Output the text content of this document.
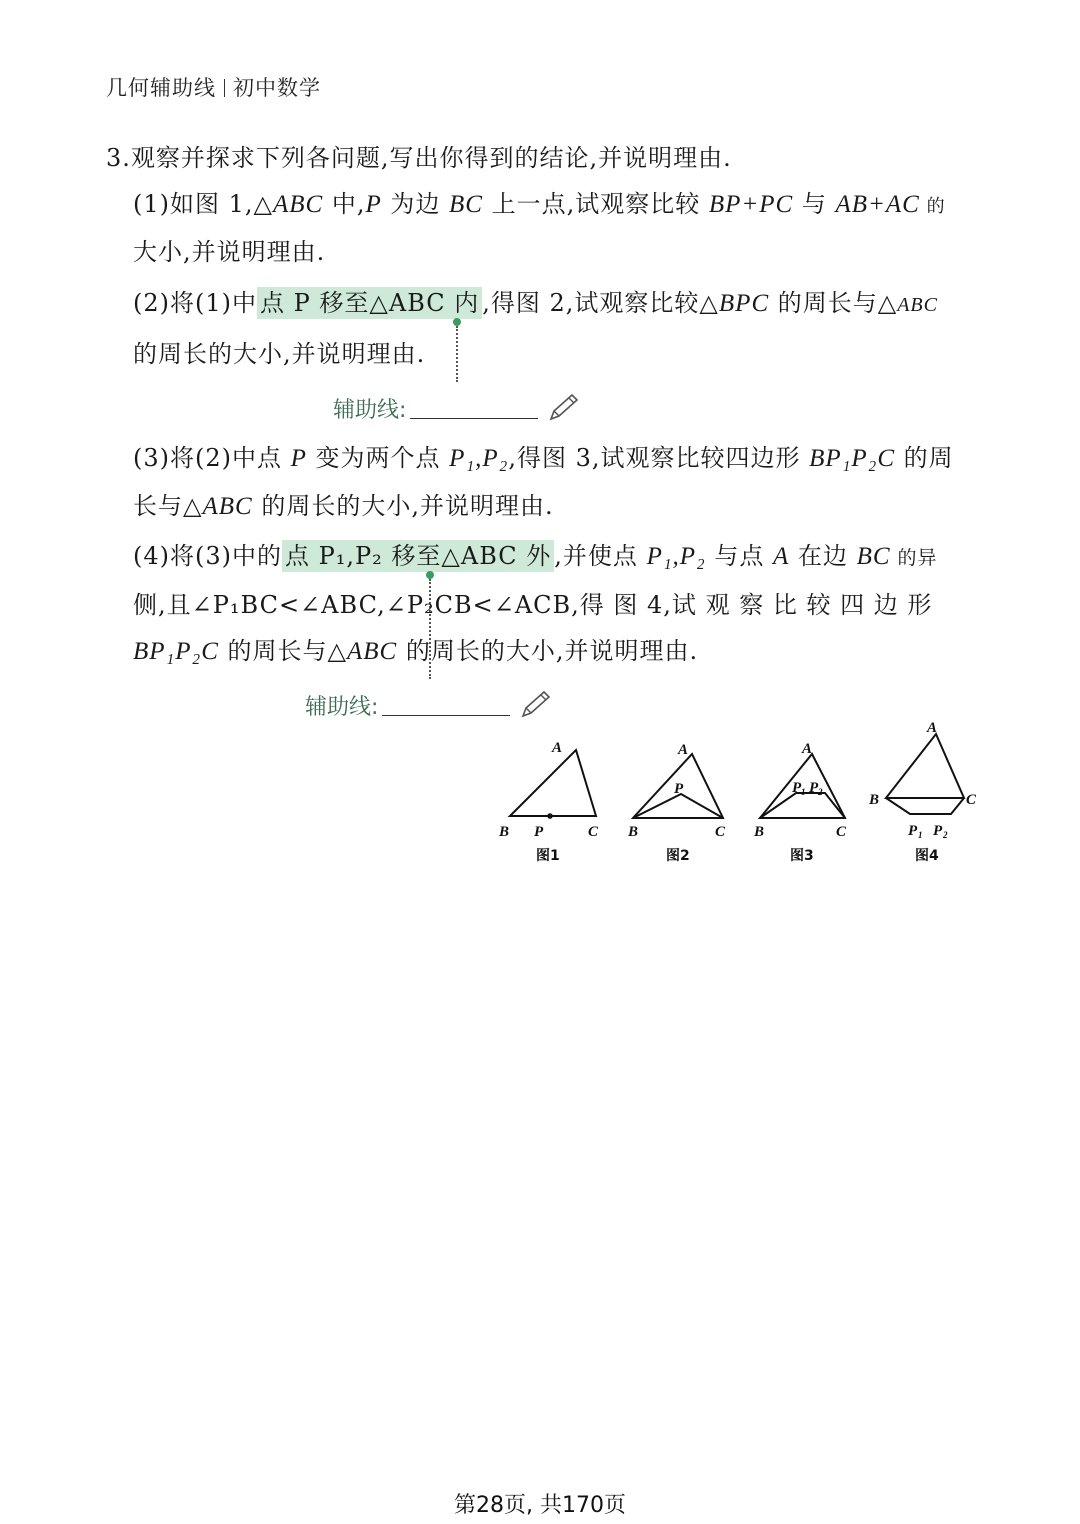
几何辅助线 初中数学
3.观察并探求下列各问题,写出你得到的结论,并说明理由.
(1)如图 1,△ABC 中,P 为边 BC 上一点,试观察比较 BP+PC 与 AB+AC 的
大小,并说明理由.
(2)将(1)中 点 P 移至△ABC 内 ,得图 2,试观察比较△BPC 的周长与△ABC
的周长的大小,并说明理由.
辅助线:
(3)将(2)中点 P 变为两个点 P₁,P₂,得图 3,试观察比较四边形 BP₁P₂C 的周
长与△ABC 的周长的大小,并说明理由.
(4)将(3)中的 点 P₁,P₂ 移至△ABC 外 ,并使点 P₁,P₂ 与点 A 在边 BC 的异
侧,且∠P₁BC<∠ABC,∠P₂CB<∠ACB,得 图 4,试 观 察 比 较 四 边 形
BP₁P₂C 的周长与△ABC 的周长的大小,并说明理由.
辅助线:
A
B P	C
图1
A
P
B	C
图2
A
P 1 P 2
B	C
图3
A
B	C
P 1 P 2
图4
第28页, 共170页
